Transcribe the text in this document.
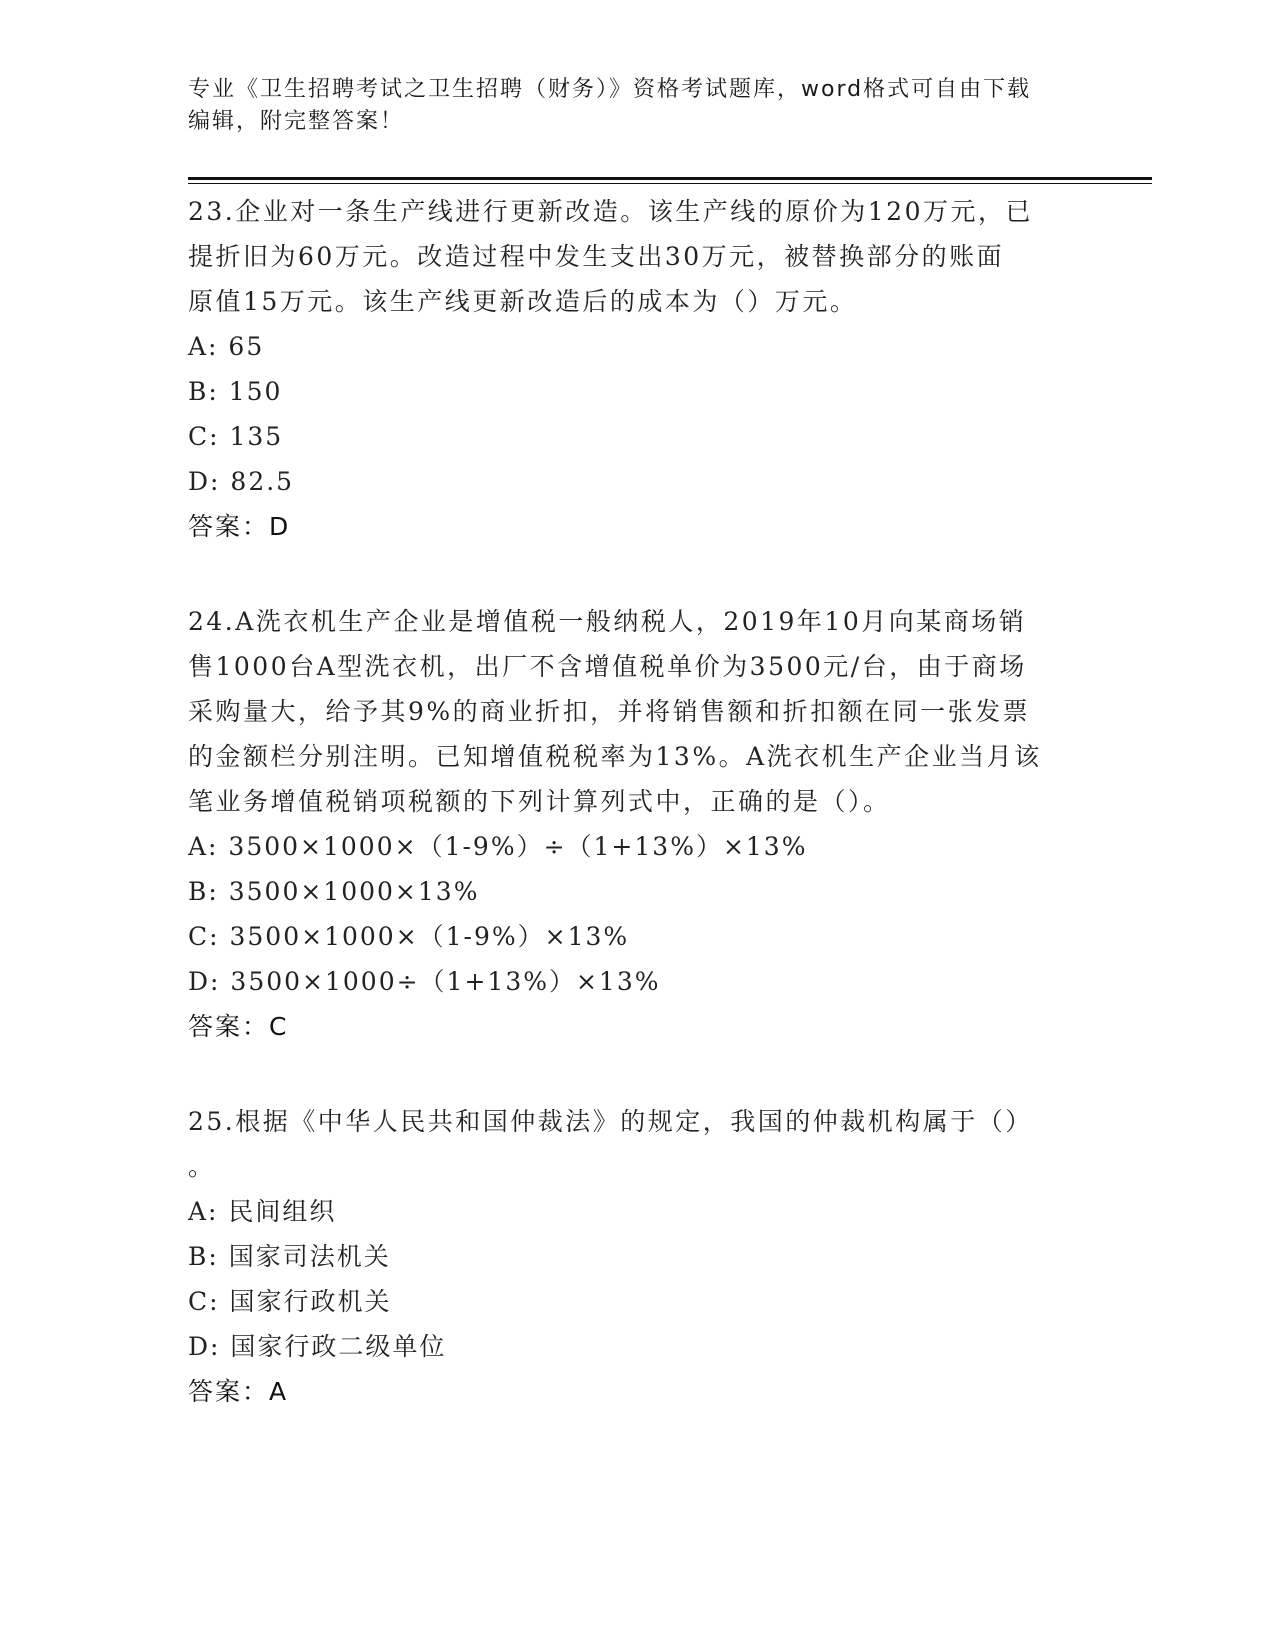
专业《卫生招聘考试之卫生招聘（财务）》资格考试题库，word格式可自由下载
编辑，附完整答案！
23.企业对一条生产线进行更新改造。该生产线的原价为120万元，已
提折旧为60万元。改造过程中发生支出30万元，被替换部分的账面
原值15万元。该生产线更新改造后的成本为（）万元。
A: 65
B: 150
C: 135
D: 82.5
答案：D
24.A洗衣机生产企业是增值税一般纳税人，2019年10月向某商场销
售1000台A型洗衣机，出厂不含增值税单价为3500元/台，由于商场
采购量大，给予其9%的商业折扣，并将销售额和折扣额在同一张发票
的金额栏分别注明。已知增值税税率为13%。A洗衣机生产企业当月该
笔业务增值税销项税额的下列计算列式中，正确的是（）。
A: 3500×1000×（1-9%）÷（1+13%）×13%
B: 3500×1000×13%
C: 3500×1000×（1-9%）×13%
D: 3500×1000÷（1+13%）×13%
答案：C
25.根据《中华人民共和国仲裁法》的规定，我国的仲裁机构属于（）
。
A: 民间组织
B: 国家司法机关
C: 国家行政机关
D: 国家行政二级单位
答案：A
